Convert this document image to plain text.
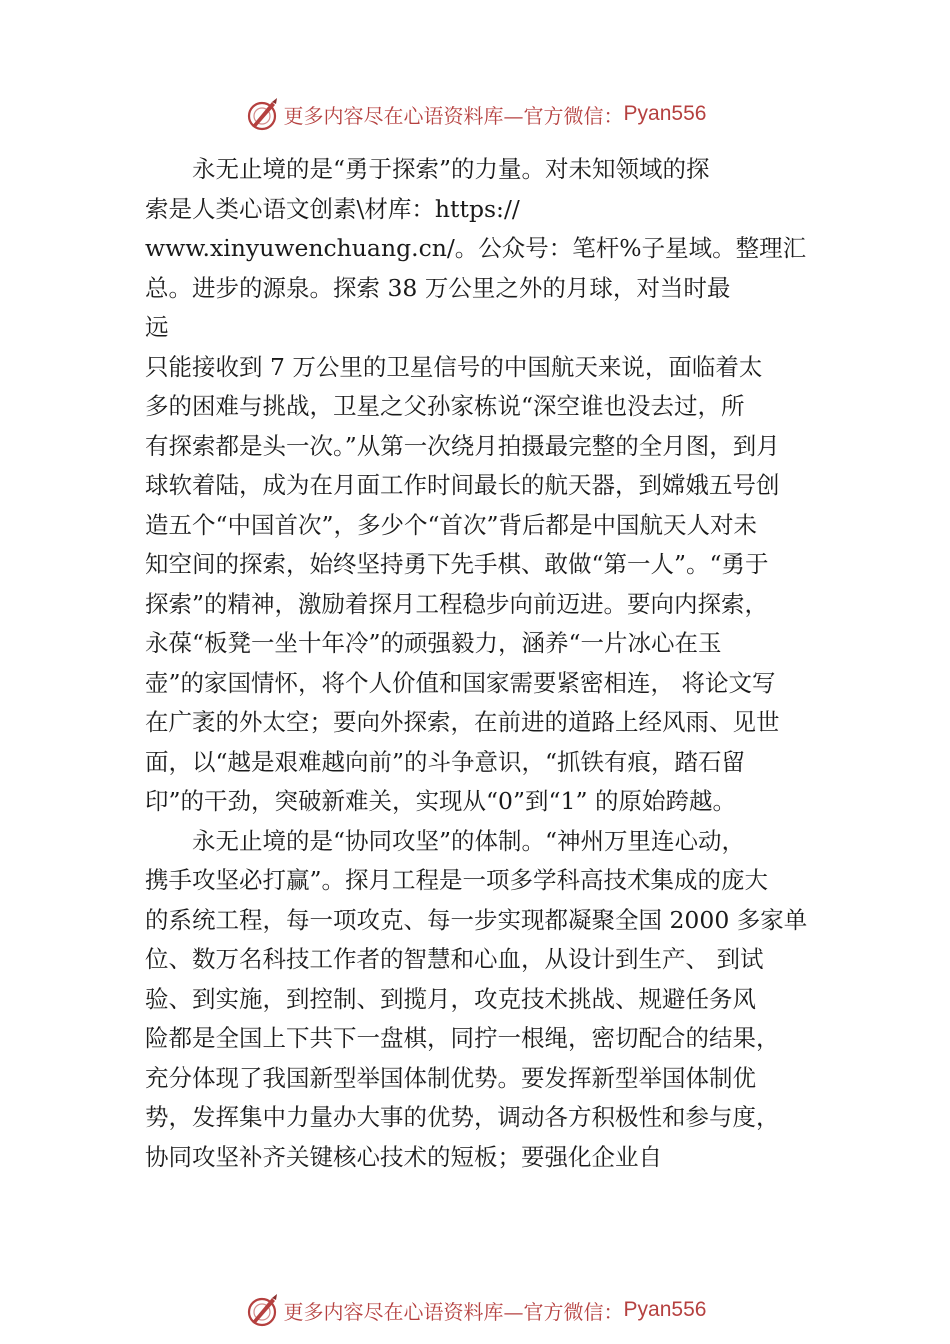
更多内容尽在心语资料库—官方微信： Pyan556
永无止境的是“勇于探索”的力量。对未知领域的探
索是人类心语文创素\材库：https://
www.xinyuwenchuang.cn/。公众号：笔杆%子星域。整理汇
总。进步的源泉。探索 38 万公里之外的月球，对当时最
远
只能接收到 7 万公里的卫星信号的中国航天来说，面临着太
多的困难与挑战，卫星之父孙家栋说“深空谁也没去过，所
有探索都是头一次。”从第一次绕月拍摄最完整的全月图，到月
球软着陆，成为在月面工作时间最长的航天器，到嫦娥五号创
造五个“中国首次”，多少个“首次”背后都是中国航天人对未
知空间的探索，始终坚持勇下先手棋、敢做“第一人”。“勇于
探索”的精神，激励着探月工程稳步向前迈进。要向内探索，
永葆“板凳一坐十年冷”的顽强毅力，涵养“一片冰心在玉
壶”的家国情怀，将个人价值和国家需要紧密相连， 将论文写
在广袤的外太空；要向外探索，在前进的道路上经风雨、见世
面，以“越是艰难越向前”的斗争意识，“抓铁有痕，踏石留
印”的干劲，突破新难关，实现从“0”到“1” 的原始跨越。
永无止境的是“协同攻坚”的体制。“神州万里连心动，
携手攻坚必打赢”。探月工程是一项多学科高技术集成的庞大
的系统工程，每一项攻克、每一步实现都凝聚全国 2000 多家单
位、数万名科技工作者的智慧和心血，从设计到生产、 到试
验、到实施，到控制、到揽月，攻克技术挑战、规避任务风
险都是全国上下共下一盘棋，同拧一根绳，密切配合的结果，
充分体现了我国新型举国体制优势。要发挥新型举国体制优
势，发挥集中力量办大事的优势，调动各方积极性和参与度，
协同攻坚补齐关键核心技术的短板；要强化企业自
更多内容尽在心语资料库—官方微信： Pyan556
